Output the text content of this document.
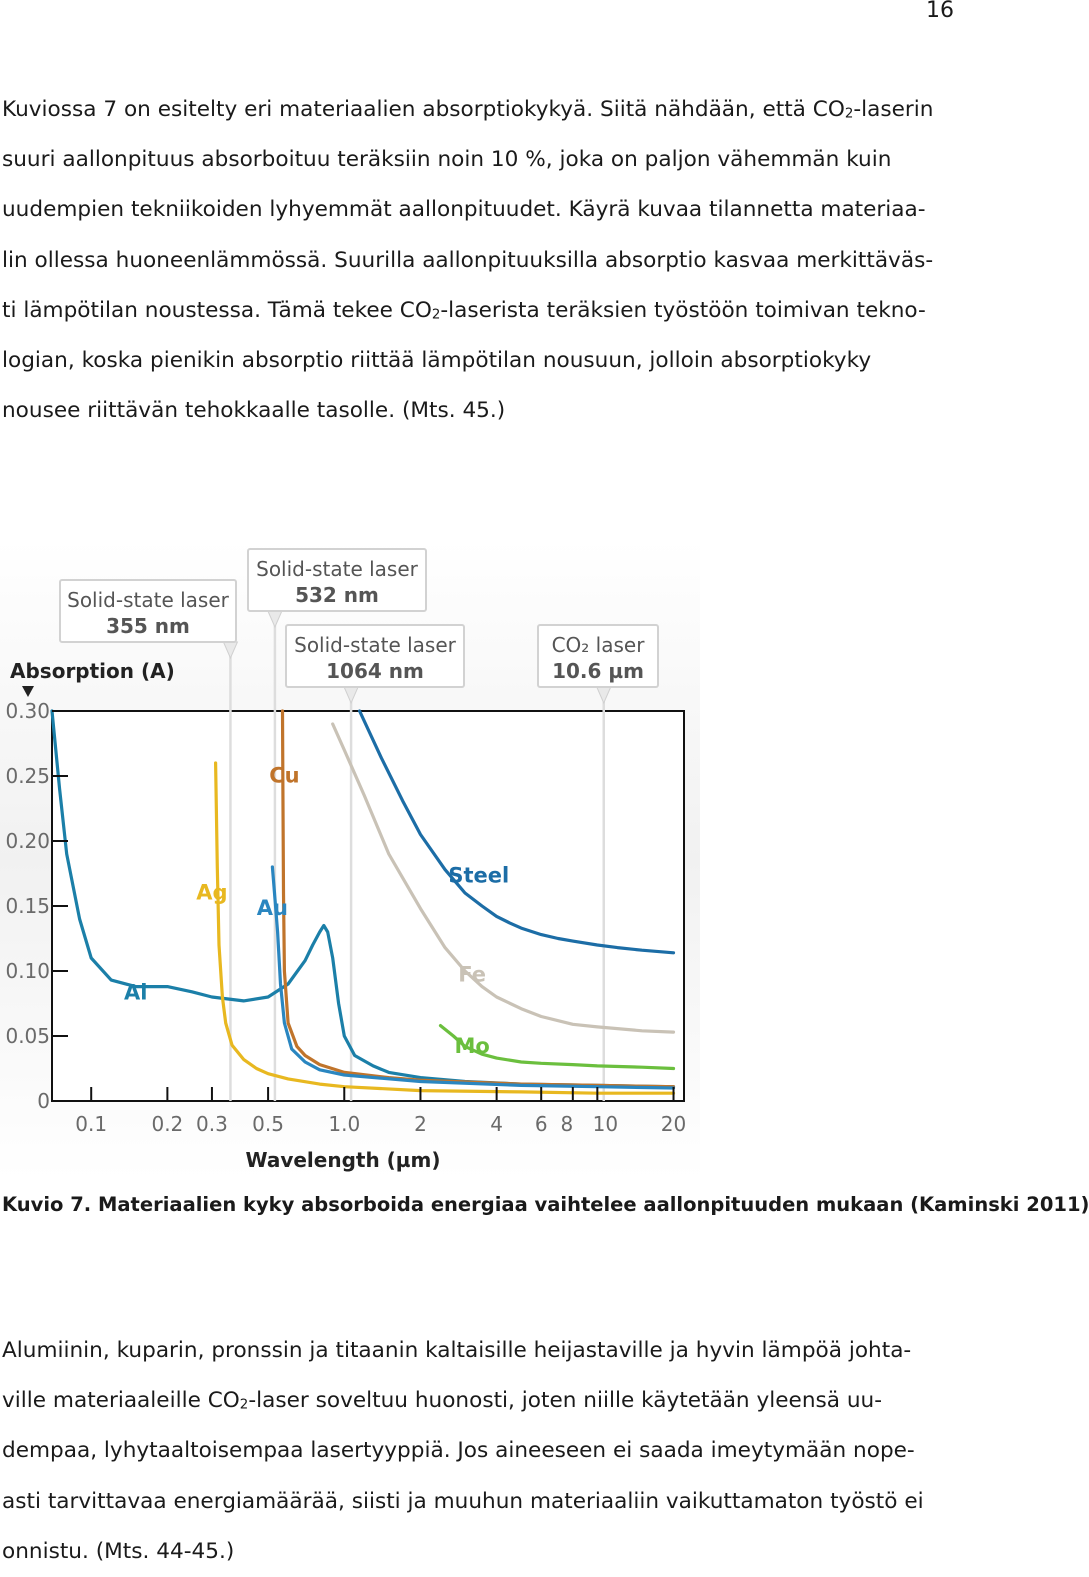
16

Kuviossa 7 on esitelty eri materiaalien absorptiokykyä. Siitä nähdään, että $CO_2$-laserin
suuri aallonpituus absorboituu teräksiin noin 10 %, joka on paljon vähemmän kuin
uudempien tekniikoiden lyhyemmät aallonpituudet. Käyrä kuvaa tilannetta materiaa-
lin ollessa huoneenlämmössä. Suurilla aallonpituuksilla absorptio kasvaa merkittäväs-
ti lämpötilan noustessa. Tämä tekee $CO_2$-laserista teräksien työstöön toimivan tekno-
logian, koska pienikin absorptio riittää lämpötilan nousuun, jolloin absorptiokyky
nousee riittävän tehokkaalle tasolle. (Mts. 45.)

Solid-state laser
355 nm
Solid-state laser
532 nm
Solid-state laser
1064 nm
CO₂ laser
10.6 µm
Al
Ag
Cu
Au
Steel
Fe
Mo
0
0.05
0.10
0.15
0.20
0.25
0.30
0.1 0.2 0.3 0.5 1.0	2	4 6 8 10 20
Absorption (A)
Wavelength (µm)
Kuvio 7. Materiaalien kyky absorboida energiaa vaihtelee aallonpituuden mukaan (Kaminski 2011)

Alumiinin, kuparin, pronssin ja titaanin kaltaisille heijastaville ja hyvin lämpöä johta-
ville materiaaleille $CO_2$-laser soveltuu huonosti, joten niille käytetään yleensä uu-
dempaa, lyhytaaltoisempaa lasertyyppiä. Jos aineeseen ei saada imeytymään nope-
asti tarvittavaa energiamäärää, siisti ja muuhun materiaaliin vaikuttamaton työstö ei
onnistu. (Mts. 44-45.)
